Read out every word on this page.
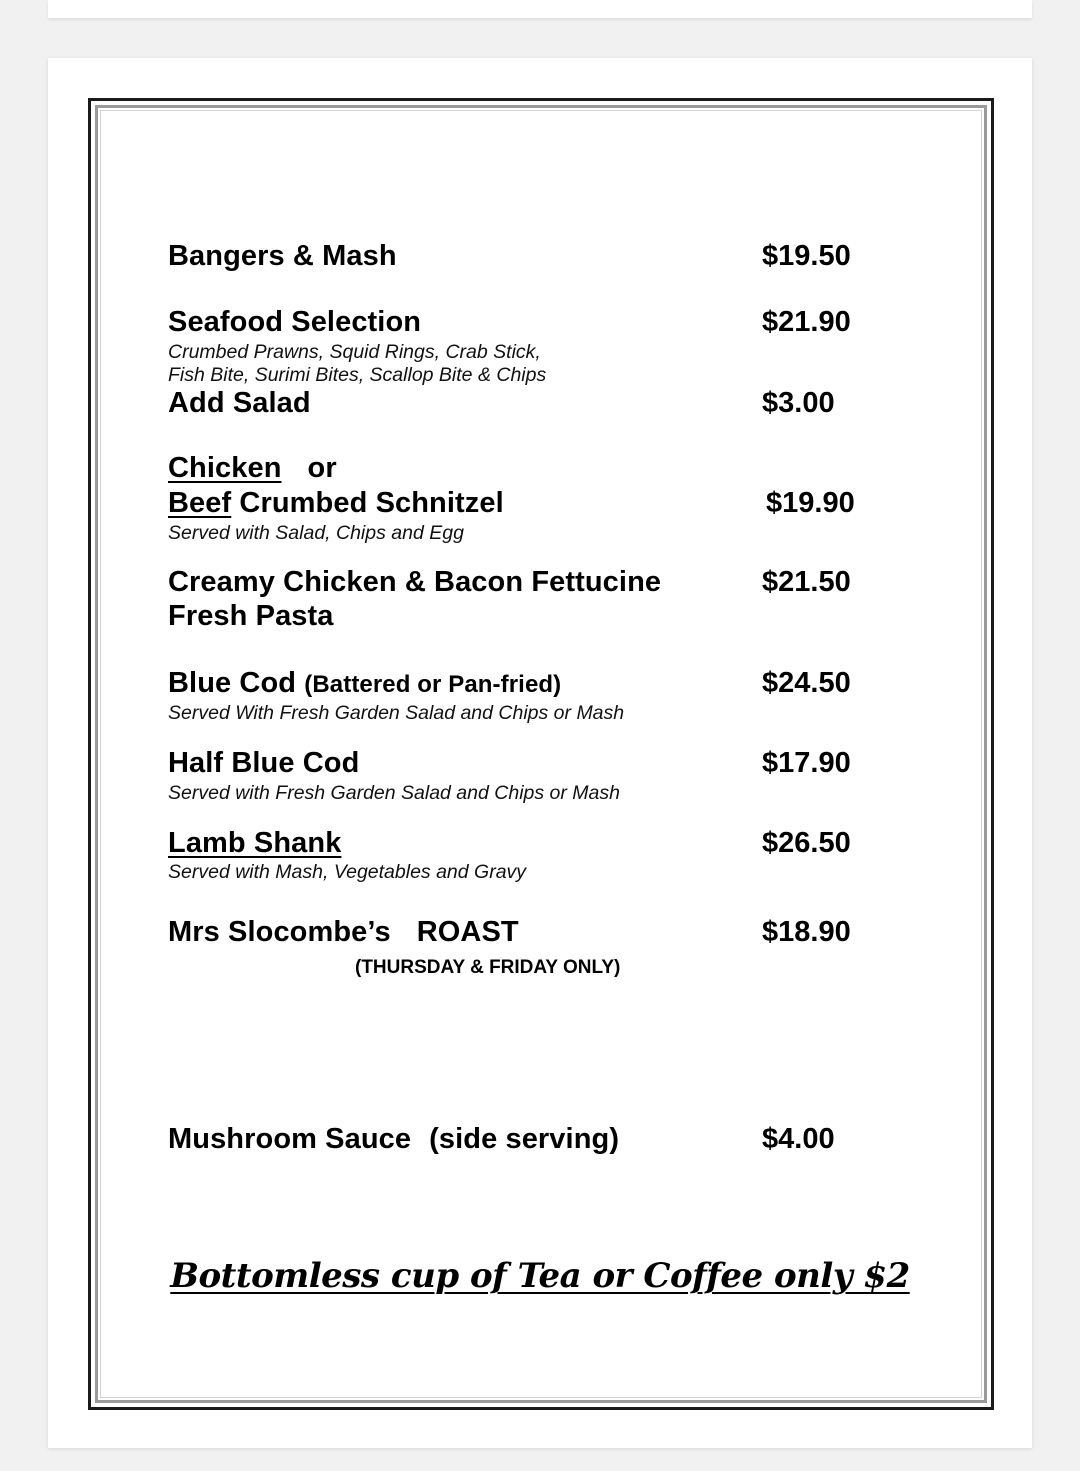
Bangers & Mash	$19.50
Seafood Selection	$21.90
Crumbed Prawns, Squid Rings, Crab Stick,
Fish Bite, Surimi Bites, Scallop Bite & Chips
Add Salad	$3.00
Chicken or
Beef Crumbed Schnitzel	$19.90
Served with Salad, Chips and Egg
Creamy Chicken & Bacon Fettucine	$21.50
Fresh Pasta
Blue Cod (Battered or Pan-fried)	$24.50
Served With Fresh Garden Salad and Chips or Mash
Half Blue Cod	$17.90
Served with Fresh Garden Salad and Chips or Mash
Lamb Shank	$26.50
Served with Mash, Vegetables and Gravy
Mrs Slocombe’s ROAST	$18.90
(THURSDAY & FRIDAY ONLY)
Mushroom Sauce (side serving)	$4.00
Bottomless cup of Tea or Coffee only $2
